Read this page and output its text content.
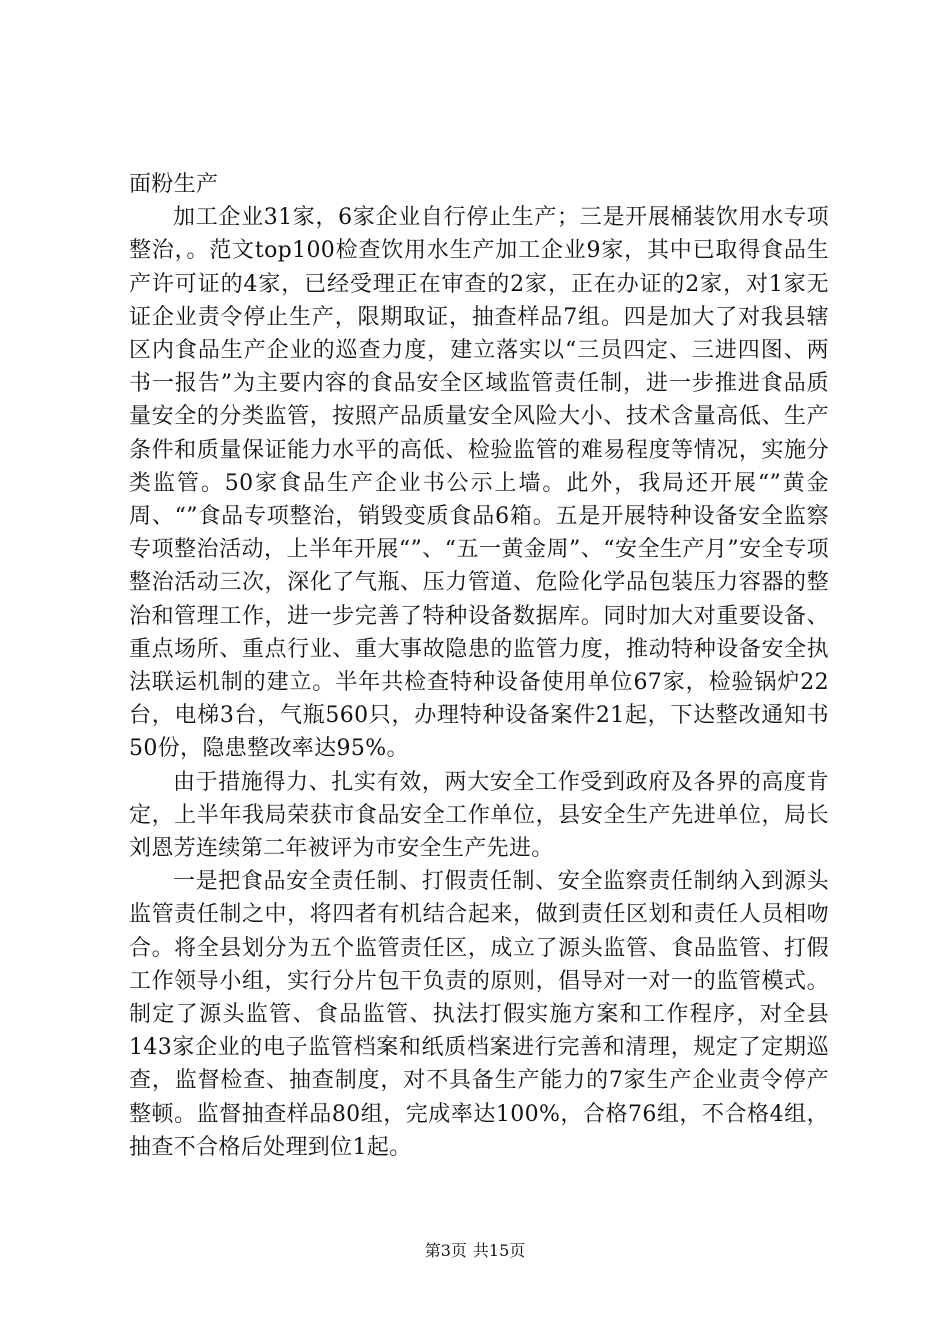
面粉生产

加工企业31家，6家企业自行停止生产；三是开展桶装饮用水专项整治，。范文top100检查饮用水生产加工企业9家，其中已取得食品生产许可证的4家，已经受理正在审查的2家，正在办证的2家，对1家无证企业责令停止生产，限期取证，抽查样品7组。四是加大了对我县辖区内食品生产企业的巡查力度，建立落实以“三员四定、三进四图、两书一报告”为主要内容的食品安全区域监管责任制，进一步推进食品质量安全的分类监管，按照产品质量安全风险大小、技术含量高低、生产条件和质量保证能力水平的高低、检验监管的难易程度等情况，实施分类监管。50家食品生产企业书公示上墙。此外，我局还开展“”黄金周、“”食品专项整治，销毁变质食品6箱。五是开展特种设备安全监察专项整治活动，上半年开展“”、“五一黄金周”、“安全生产月”安全专项整治活动三次，深化了气瓶、压力管道、危险化学品包装压力容器的整治和管理工作，进一步完善了特种设备数据库。同时加大对重要设备、重点场所、重点行业、重大事故隐患的监管力度，推动特种设备安全执法联运机制的建立。半年共检查特种设备使用单位67家，检验锅炉22台，电梯3台，气瓶560只，办理特种设备案件21起，下达整改通知书50份，隐患整改率达95%。

由于措施得力、扎实有效，两大安全工作受到政府及各界的高度肯定，上半年我局荣获市食品安全工作单位，县安全生产先进单位，局长刘恩芳连续第二年被评为市安全生产先进。

一是把食品安全责任制、打假责任制、安全监察责任制纳入到源头监管责任制之中，将四者有机结合起来，做到责任区划和责任人员相吻合。将全县划分为五个监管责任区，成立了源头监管、食品监管、打假工作领导小组，实行分片包干负责的原则，倡导对一对一的监管模式。制定了源头监管、食品监管、执法打假实施方案和工作程序，对全县143家企业的电子监管档案和纸质档案进行完善和清理，规定了定期巡查，监督检查、抽查制度，对不具备生产能力的7家生产企业责令停产整顿。监督抽查样品80组，完成率达100%，合格76组，不合格4组，抽查不合格后处理到位1起。

第3页 共15页
